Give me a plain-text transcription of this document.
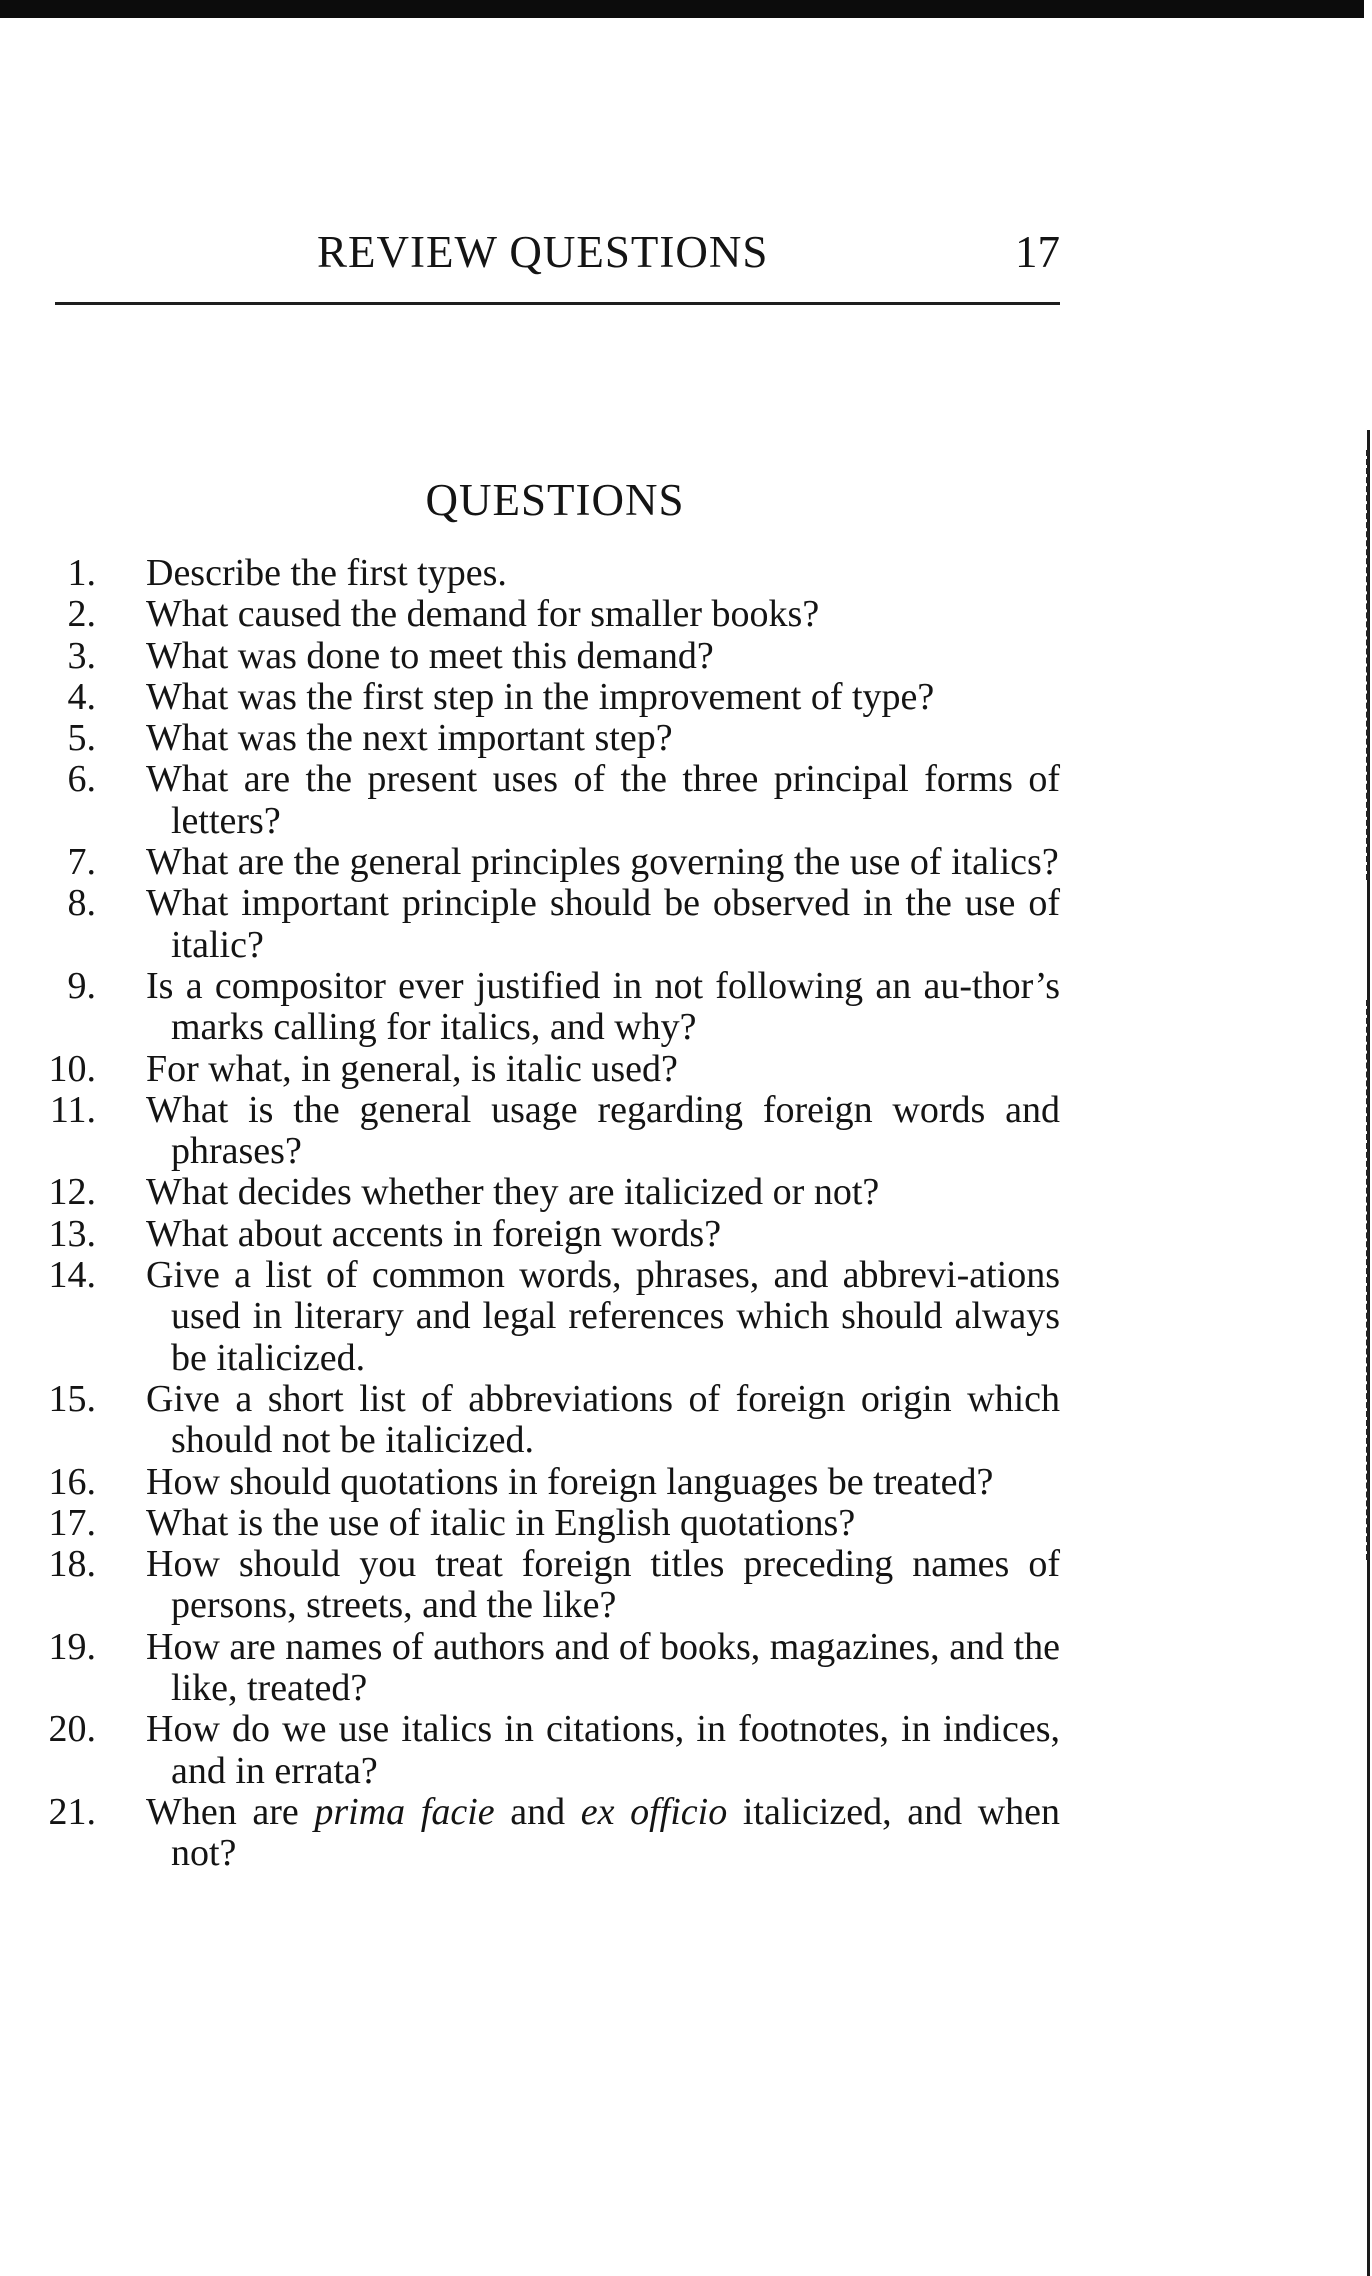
REVIEW QUESTIONS	17
QUESTIONS
1.	Describe the first types.
2.	What caused the demand for smaller books?
3.	What was done to meet this demand?
4.	What was the first step in the improvement of type?
5.	What was the next important step?
6.	What are the present uses of the three principal forms of letters?
7.	What are the general principles governing the use of italics?
8.	What important principle should be observed in the use of italic?
9.	Is a compositor ever justified in not following an au-thor’s marks calling for italics, and why?
10.	For what, in general, is italic used?
11.	What is the general usage regarding foreign words and phrases?
12.	What decides whether they are italicized or not?
13.	What about accents in foreign words?
14.	Give a list of common words, phrases, and abbrevi-ations used in literary and legal references which should always be italicized.
15.	Give a short list of abbreviations of foreign origin which should not be italicized.
16.	How should quotations in foreign languages be treated?
17.	What is the use of italic in English quotations?
18.	How should you treat foreign titles preceding names of persons, streets, and the like?
19.	How are names of authors and of books, magazines, and the like, treated?
20.	How do we use italics in citations, in footnotes, in indices, and in errata?
21.	When are prima facie and ex officio italicized, and when not?
